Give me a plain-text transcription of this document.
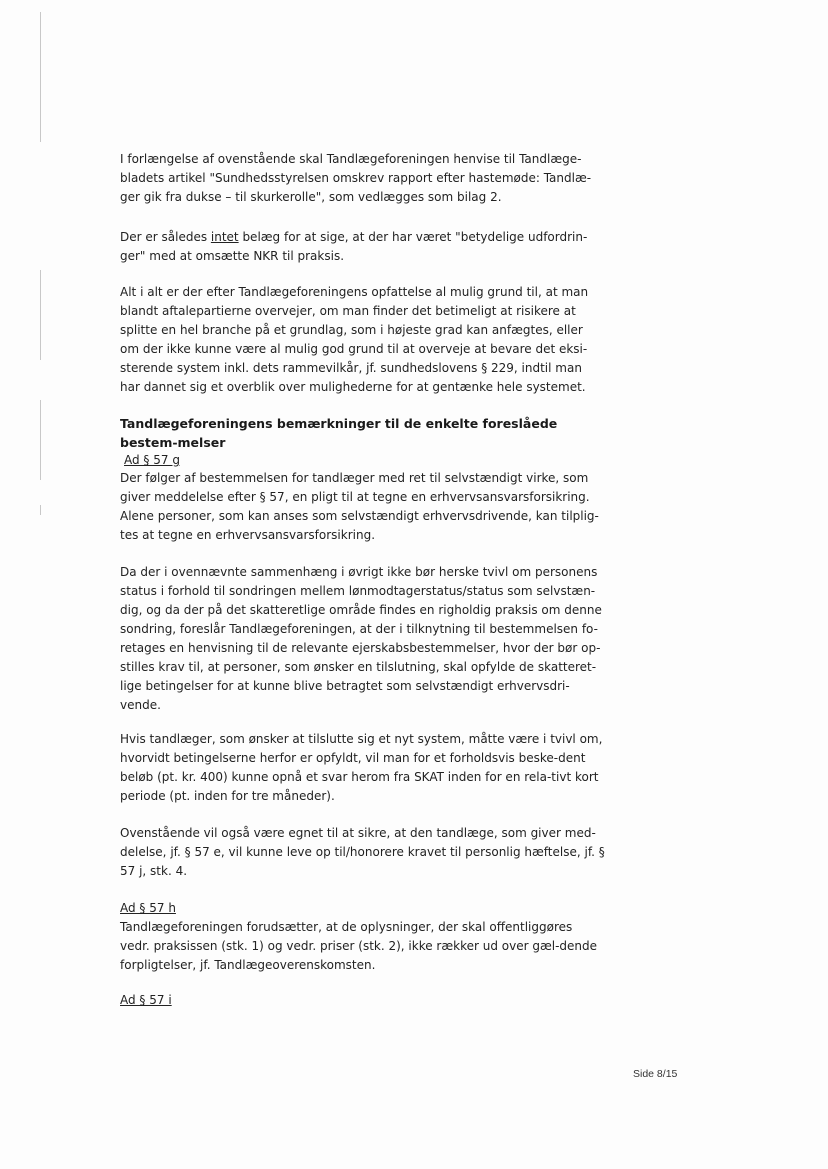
I forlængelse af ovenstående skal Tandlægeforeningen henvise til Tandlæge-bladets artikel "Sundhedsstyrelsen omskrev rapport efter hastemøde: Tandlæ-ger gik fra dukse – til skurkerolle", som vedlægges som bilag 2.

Der er således intet belæg for at sige, at der har været "betydelige udfordrin-ger" med at omsætte NKR til praksis.

Alt i alt er der efter Tandlægeforeningens opfattelse al mulig grund til, at man blandt aftalepartierne overvejer, om man finder det betimeligt at risikere at splitte en hel branche på et grundlag, som i højeste grad kan anfægtes, eller om der ikke kunne være al mulig god grund til at overveje at bevare det eksi-sterende system inkl. dets rammevilkår, jf. sundhedslovens § 229, indtil man har dannet sig et overblik over mulighederne for at gentænke hele systemet.

Tandlægeforeningens bemærkninger til de enkelte foreslåede bestem-melser

Ad § 57 g

Der følger af bestemmelsen for tandlæger med ret til selvstændigt virke, som giver meddelelse efter § 57, en pligt til at tegne en erhvervsansvarsforsikring. Alene personer, som kan anses som selvstændigt erhvervsdrivende, kan tilplig-tes at tegne en erhvervsansvarsforsikring.

Da der i ovennævnte sammenhæng i øvrigt ikke bør herske tvivl om personens status i forhold til sondringen mellem lønmodtagerstatus/status som selvstæn-dig, og da der på det skatteretlige område findes en righoldig praksis om denne sondring, foreslår Tandlægeforeningen, at der i tilknytning til bestemmelsen fo-retages en henvisning til de relevante ejerskabsbestemmelser, hvor der bør op-stilles krav til, at personer, som ønsker en tilslutning, skal opfylde de skatteret-lige betingelser for at kunne blive betragtet som selvstændigt erhvervsdri-vende.

Hvis tandlæger, som ønsker at tilslutte sig et nyt system, måtte være i tvivl om, hvorvidt betingelserne herfor er opfyldt, vil man for et forholdsvis beske-dent beløb (pt. kr. 400) kunne opnå et svar herom fra SKAT inden for en rela-tivt kort periode (pt. inden for tre måneder).

Ovenstående vil også være egnet til at sikre, at den tandlæge, som giver med-delelse, jf. § 57 e, vil kunne leve op til/honorere kravet til personlig hæftelse, jf. § 57 j, stk. 4.

Ad § 57 h

Tandlægeforeningen forudsætter, at de oplysninger, der skal offentliggøres vedr. praksissen (stk. 1) og vedr. priser (stk. 2), ikke rækker ud over gæl-dende forpligtelser, jf. Tandlægeoverenskomsten.

Ad § 57 i

Side 8/15
